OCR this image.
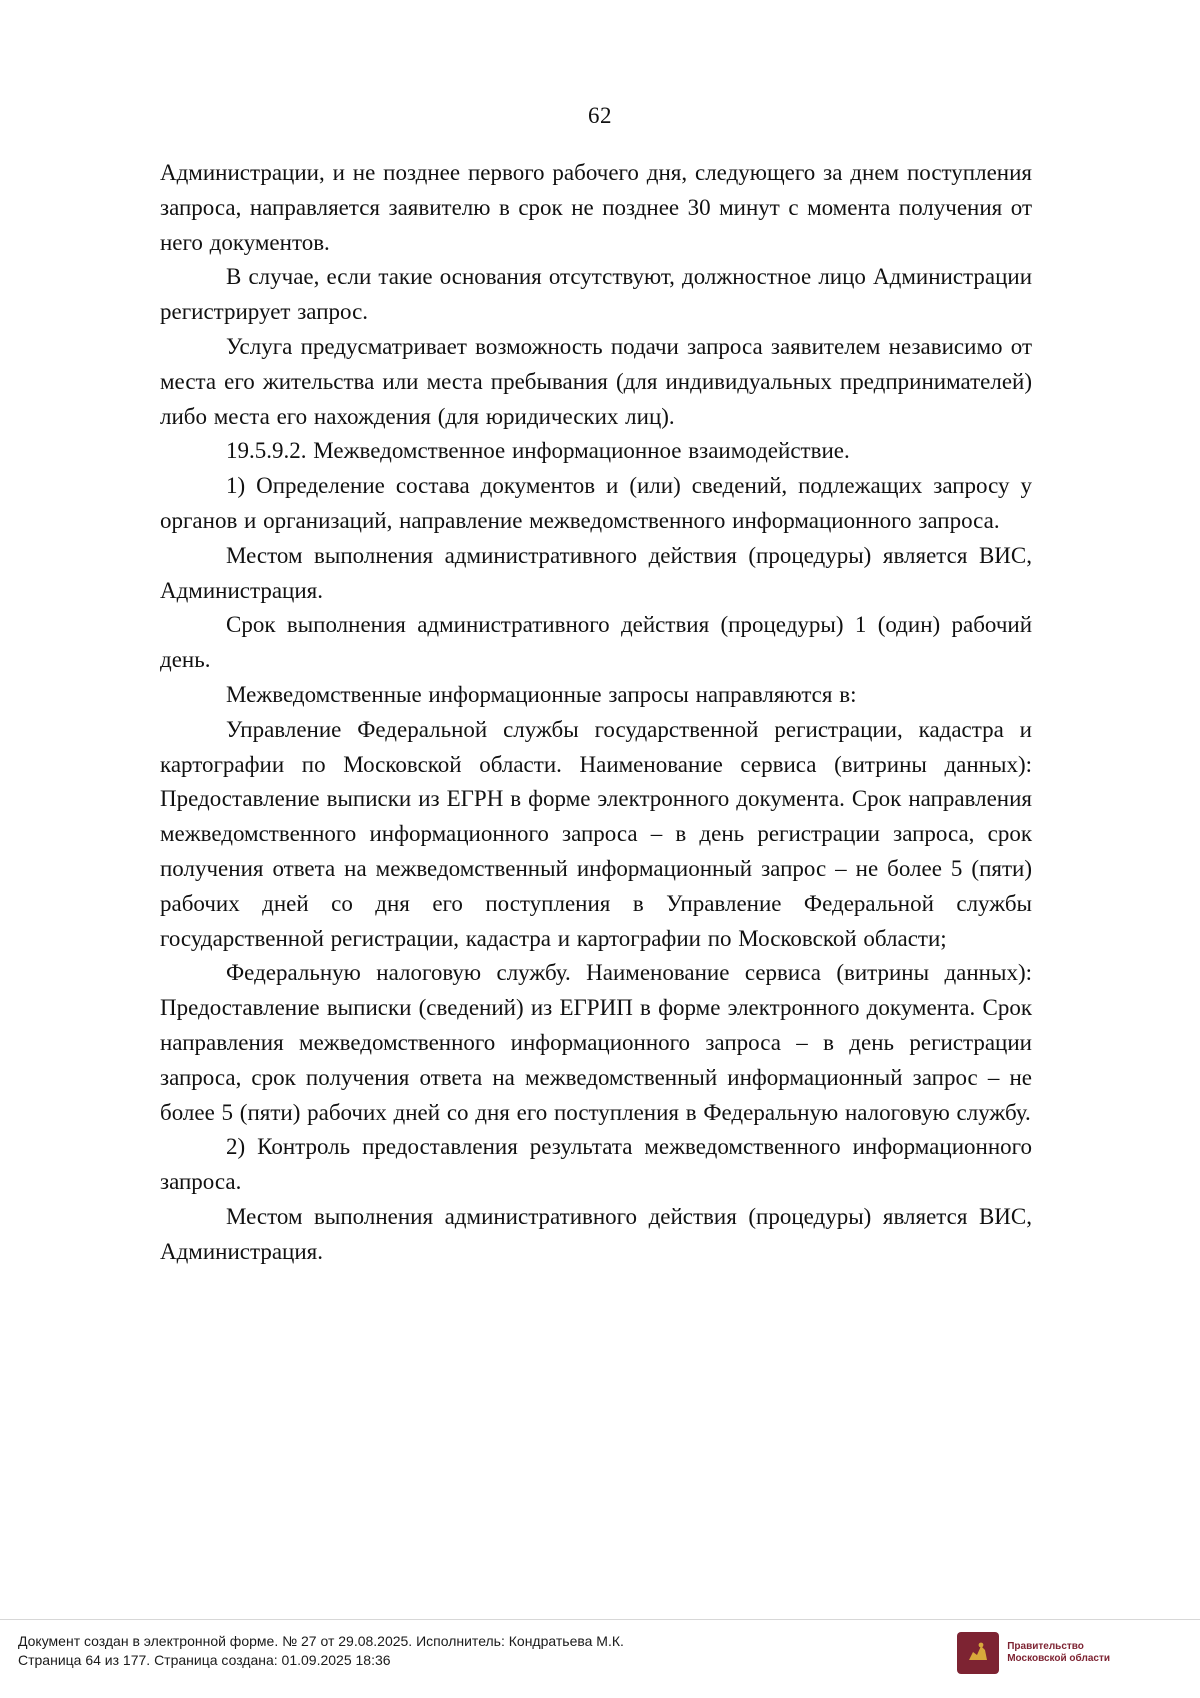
62

Администрации, и не позднее первого рабочего дня, следующего за днем поступления запроса, направляется заявителю в срок не позднее 30 минут с момента получения от него документов.

В случае, если такие основания отсутствуют, должностное лицо Администрации регистрирует запрос.

Услуга предусматривает возможность подачи запроса заявителем независимо от места его жительства или места пребывания (для индивидуальных предпринимателей) либо места его нахождения (для юридических лиц).

19.5.9.2. Межведомственное информационное взаимодействие.

1) Определение состава документов и (или) сведений, подлежащих запросу у органов и организаций, направление межведомственного информационного запроса.

Местом выполнения административного действия (процедуры) является ВИС, Администрация.

Срок выполнения административного действия (процедуры) 1 (один) рабочий день.

Межведомственные информационные запросы направляются в:

Управление Федеральной службы государственной регистрации, кадастра и картографии по Московской области. Наименование сервиса (витрины данных): Предоставление выписки из ЕГРН в форме электронного документа. Срок направления межведомственного информационного запроса – в день регистрации запроса, срок получения ответа на межведомственный информационный запрос – не более 5 (пяти) рабочих дней со дня его поступления в Управление Федеральной службы государственной регистрации, кадастра и картографии по Московской области;

Федеральную налоговую службу. Наименование сервиса (витрины данных): Предоставление выписки (сведений) из ЕГРИП в форме электронного документа. Срок направления межведомственного информационного запроса – в день регистрации запроса, срок получения ответа на межведомственный информационный запрос – не более 5 (пяти) рабочих дней со дня его поступления в Федеральную налоговую службу.

2) Контроль предоставления результата межведомственного информационного запроса.

Местом выполнения административного действия (процедуры) является ВИС, Администрация.

Документ создан в электронной форме. № 27 от 29.08.2025. Исполнитель: Кондратьева М.К.
Страница 64 из 177. Страница создана: 01.09.2025 18:36
Правительство
Московской области
